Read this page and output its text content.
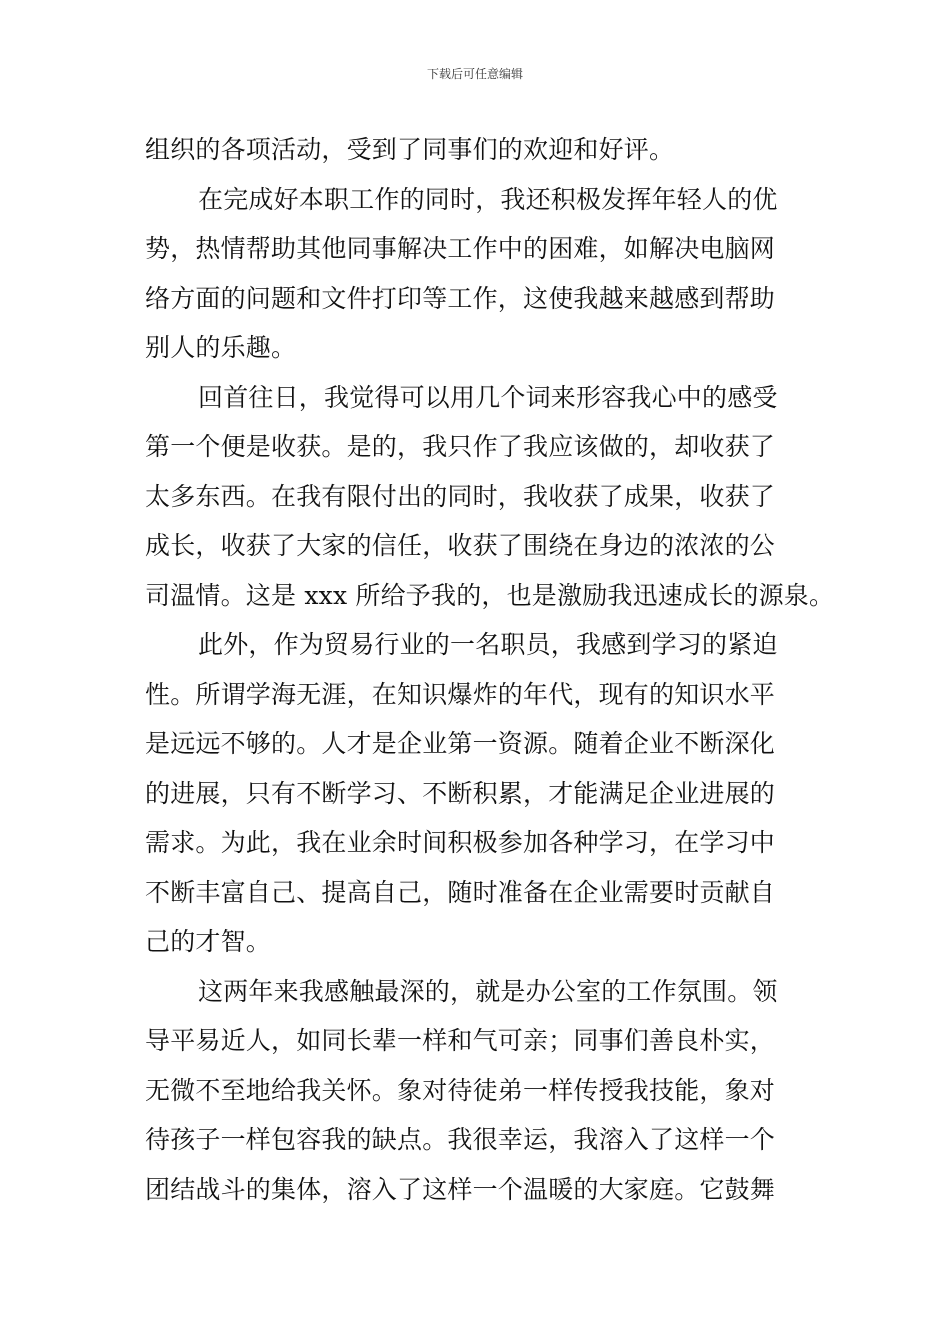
下载后可任意编辑
组织的各项活动，受到了同事们的欢迎和好评。
在完成好本职工作的同时，我还积极发挥年轻人的优
势，热情帮助其他同事解决工作中的困难，如解决电脑网
络方面的问题和文件打印等工作，这使我越来越感到帮助
别人的乐趣。
回首往日，我觉得可以用几个词来形容我心中的感受
第一个便是收获。是的，我只作了我应该做的，却收获了
太多东西。在我有限付出的同时，我收获了成果，收获了
成长，收获了大家的信任，收获了围绕在身边的浓浓的公
司温情。这是 xxx 所给予我的，也是激励我迅速成长的源泉。
此外，作为贸易行业的一名职员，我感到学习的紧迫
性。所谓学海无涯，在知识爆炸的年代，现有的知识水平
是远远不够的。人才是企业第一资源。随着企业不断深化
的进展，只有不断学习、不断积累，才能满足企业进展的
需求。为此，我在业余时间积极参加各种学习，在学习中
不断丰富自己、提高自己，随时准备在企业需要时贡献自
己的才智。
这两年来我感触最深的，就是办公室的工作氛围。领
导平易近人，如同长辈一样和气可亲；同事们善良朴实，
无微不至地给我关怀。象对待徒弟一样传授我技能，象对
待孩子一样包容我的缺点。我很幸运，我溶入了这样一个
团结战斗的集体，溶入了这样一个温暖的大家庭。它鼓舞
